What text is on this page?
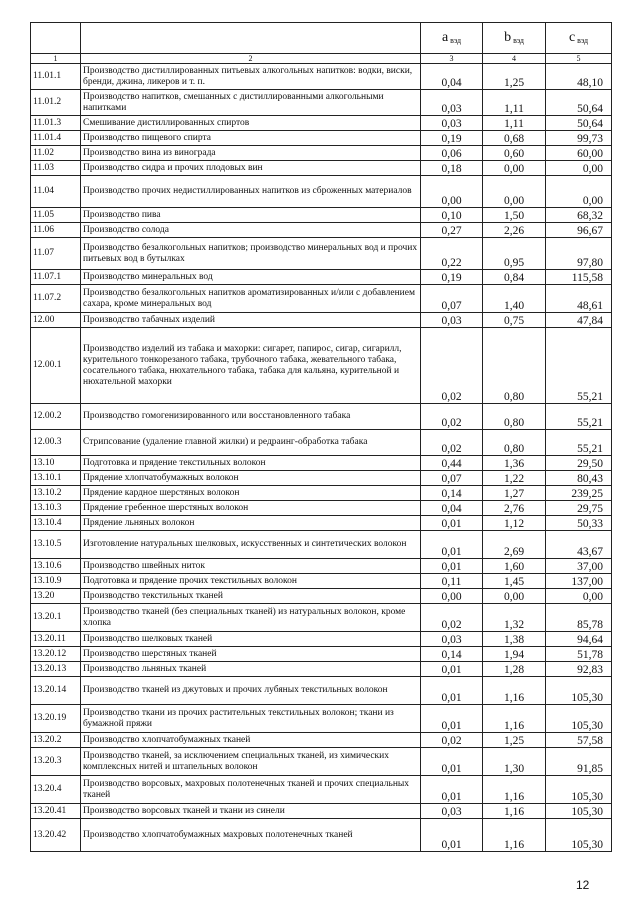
		a $_{вэд}$	b $_{вэд}$	c $_{вэд}$
1	2	3	4	5
11.01.1	Производство дистиллированных питьевых алкогольных напитков: водки, виски, бренди, джина, ликеров и т. п.	0,04	1,25	48,10
11.01.2	Производство напитков, смешанных с дистиллированными алкогольными напитками	0,03	1,11	50,64
11.01.3	Смешивание дистиллированных спиртов	0,03	1,11	50,64
11.01.4	Производство пищевого спирта	0,19	0,68	99,73
11.02	Производство вина из винограда	0,06	0,60	60,00
11.03	Производство сидра и прочих плодовых вин	0,18	0,00	0,00
11.04	Производство прочих недистиллированных напитков из сброженных материалов	0,00	0,00	0,00
11.05	Производство пива	0,10	1,50	68,32
11.06	Производство солода	0,27	2,26	96,67
11.07	Производство безалкогольных напитков; производство минеральных вод и прочих питьевых вод в бутылках	0,22	0,95	97,80
11.07.1	Производство минеральных вод	0,19	0,84	115,58
11.07.2	Производство безалкогольных напитков ароматизированных и/или с добавлением сахара, кроме минеральных вод	0,07	1,40	48,61
12.00	Производство табачных изделий	0,03	0,75	47,84
12.00.1	Производство изделий из табака и махорки: сигарет, папирос, сигар, сигарилл, курительного тонкорезаного табака, трубочного табака, жевательного табака, сосательного табака, нюхательного табака, табака для кальяна, курительной и нюхательной махорки	0,02	0,80	55,21
12.00.2	Производство гомогенизированного или восстановленного табака	0,02	0,80	55,21
12.00.3	Стрипсование (удаление главной жилки) и редраинг-обработка табака	0,02	0,80	55,21
13.10	Подготовка и прядение текстильных волокон	0,44	1,36	29,50
13.10.1	Прядение хлопчатобумажных волокон	0,07	1,22	80,43
13.10.2	Прядение кардное шерстяных волокон	0,14	1,27	239,25
13.10.3	Прядение гребенное шерстяных волокон	0,04	2,76	29,75
13.10.4	Прядение льняных волокон	0,01	1,12	50,33
13.10.5	Изготовление натуральных шелковых, искусственных и синтетических волокон	0,01	2,69	43,67
13.10.6	Производство швейных ниток	0,01	1,60	37,00
13.10.9	Подготовка и прядение прочих текстильных волокон	0,11	1,45	137,00
13.20	Производство текстильных тканей	0,00	0,00	0,00
13.20.1	Производство тканей (без специальных тканей) из натуральных волокон, кроме хлопка	0,02	1,32	85,78
13.20.11	Производство шелковых тканей	0,03	1,38	94,64
13.20.12	Производство шерстяных тканей	0,14	1,94	51,78
13.20.13	Производство льняных тканей	0,01	1,28	92,83
13.20.14	Производство тканей из джутовых и прочих лубяных текстильных волокон	0,01	1,16	105,30
13.20.19	Производство ткани из прочих растительных текстильных волокон; ткани из бумажной пряжи	0,01	1,16	105,30
13.20.2	Производство хлопчатобумажных тканей	0,02	1,25	57,58
13.20.3	Производство тканей, за исключением специальных тканей, из химических комплексных нитей и штапельных волокон	0,01	1,30	91,85
13.20.4	Производство ворсовых, махровых полотенечных тканей и прочих специальных тканей	0,01	1,16	105,30
13.20.41	Производство ворсовых тканей и ткани из синели	0,03	1,16	105,30
13.20.42	Производство хлопчатобумажных махровых полотенечных тканей	0,01	1,16	105,30
12
